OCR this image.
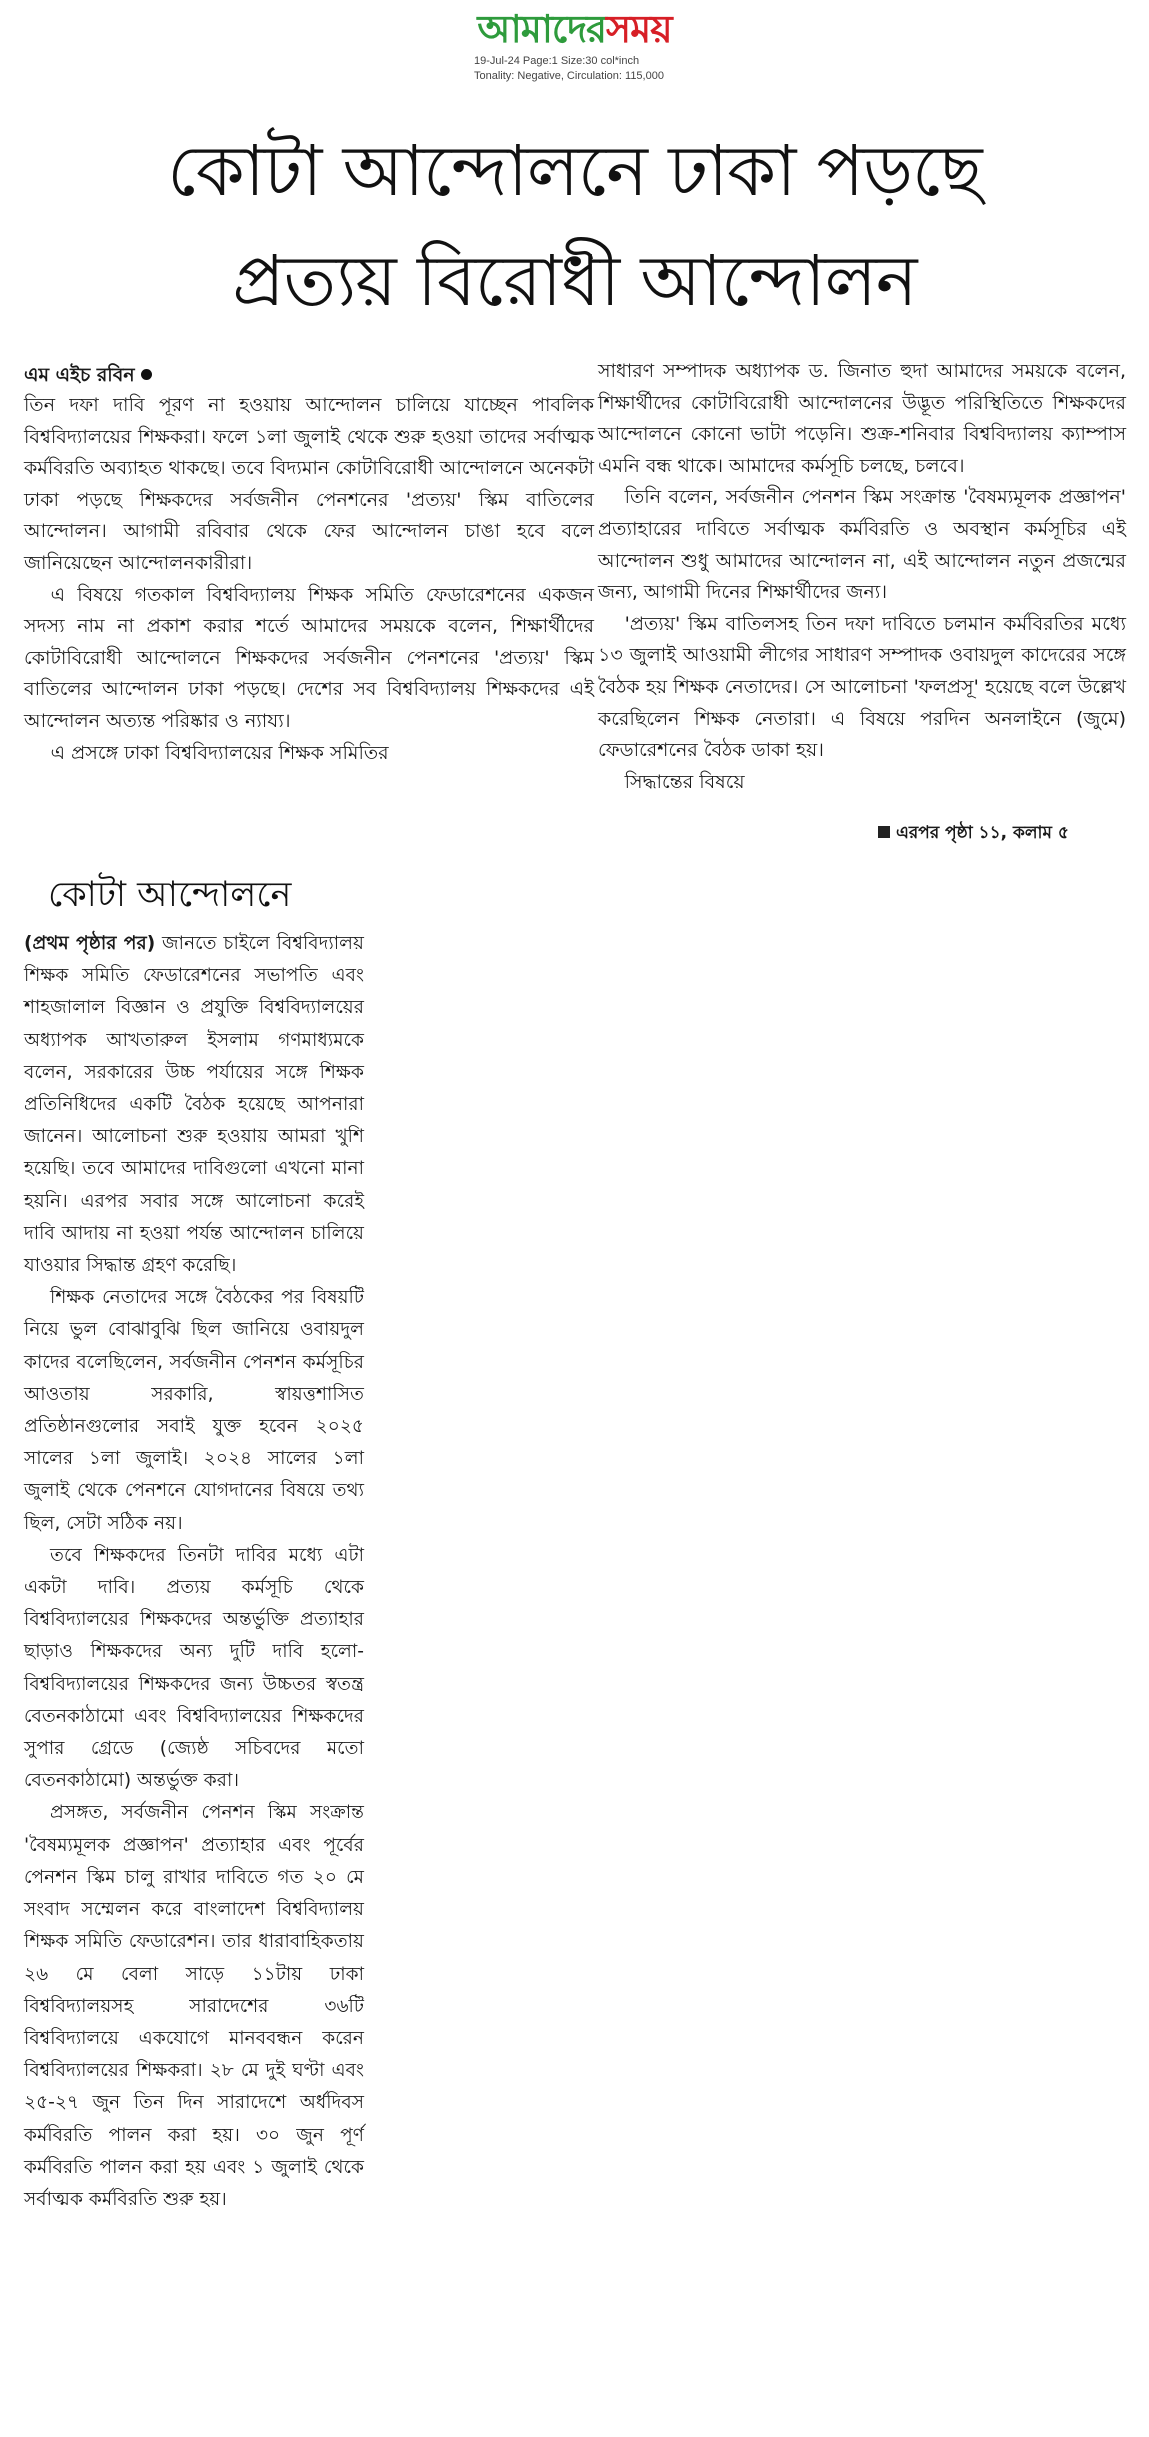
আমাদেরসময়
19-Jul-24 Page:1 Size:30 col*inch
Tonality: Negative, Circulation: 115,000
কোটা আন্দোলনে ঢাকা পড়ছে
প্রত্যয় বিরোধী আন্দোলন
এম এইচ রবিন

তিন দফা দাবি পূরণ না হওয়ায় আন্দোলন চালিয়ে যাচ্ছেন পাবলিক বিশ্ববিদ্যালয়ের শিক্ষকরা। ফলে ১লা জুলাই থেকে শুরু হওয়া তাদের সর্বাত্মক কর্মবিরতি অব্যাহত থাকছে। তবে বিদ্যমান কোটাবিরোধী আন্দোলনে অনেকটা ঢাকা পড়ছে শিক্ষকদের সর্বজনীন পেনশনের 'প্রত্যয়' স্কিম বাতিলের আন্দোলন। আগামী রবিবার থেকে ফের আন্দোলন চাঙা হবে বলে জানিয়েছেন আন্দোলনকারীরা।

এ বিষয়ে গতকাল বিশ্ববিদ্যালয় শিক্ষক সমিতি ফেডারেশনের একজন সদস্য নাম না প্রকাশ করার শর্তে আমাদের সময়কে বলেন, শিক্ষার্থীদের কোটাবিরোধী আন্দোলনে শিক্ষকদের সর্বজনীন পেনশনের 'প্রত্যয়' স্কিম বাতিলের আন্দোলন ঢাকা পড়ছে। দেশের সব বিশ্ববিদ্যালয় শিক্ষকদের এই আন্দোলন অত্যন্ত পরিষ্কার ও ন্যায্য।

এ প্রসঙ্গে ঢাকা বিশ্ববিদ্যালয়ের শিক্ষক সমিতির

সাধারণ সম্পাদক অধ্যাপক ড. জিনাত হুদা আমাদের সময়কে বলেন, শিক্ষার্থীদের কোটাবিরোধী আন্দোলনের উদ্ভূত পরিস্থিতিতে শিক্ষকদের আন্দোলনে কোনো ভাটা পড়েনি। শুক্র-শনিবার বিশ্ববিদ্যালয় ক্যাম্পাস এমনি বন্ধ থাকে। আমাদের কর্মসূচি চলছে, চলবে।

তিনি বলেন, সর্বজনীন পেনশন স্কিম সংক্রান্ত 'বৈষম্যমূলক প্রজ্ঞাপন' প্রত্যাহারের দাবিতে সর্বাত্মক কর্মবিরতি ও অবস্থান কর্মসূচির এই আন্দোলন শুধু আমাদের আন্দোলন না, এই আন্দোলন নতুন প্রজন্মের জন্য, আগামী দিনের শিক্ষার্থীদের জন্য।

'প্রত্যয়' স্কিম বাতিলসহ তিন দফা দাবিতে চলমান কর্মবিরতির মধ্যে ১৩ জুলাই আওয়ামী লীগের সাধারণ সম্পাদক ওবায়দুল কাদেরের সঙ্গে বৈঠক হয় শিক্ষক নেতাদের। সে আলোচনা 'ফলপ্রসূ' হয়েছে বলে উল্লেখ করেছিলেন শিক্ষক নেতারা। এ বিষয়ে পরদিন অনলাইনে (জুমে) ফেডারেশনের বৈঠক ডাকা হয়।

সিদ্ধান্তের বিষয়ে

এরপর পৃষ্ঠা ১১, কলাম ৫
কোটা আন্দোলনে

(প্রথম পৃষ্ঠার পর) জানতে চাইলে বিশ্ববিদ্যালয় শিক্ষক সমিতি ফেডারেশনের সভাপতি এবং শাহজালাল বিজ্ঞান ও প্রযুক্তি বিশ্ববিদ্যালয়ের অধ্যাপক আখতারুল ইসলাম গণমাধ্যমকে বলেন, সরকারের উচ্চ পর্যায়ের সঙ্গে শিক্ষক প্রতিনিধিদের একটি বৈঠক হয়েছে আপনারা জানেন। আলোচনা শুরু হওয়ায় আমরা খুশি হয়েছি। তবে আমাদের দাবিগুলো এখনো মানা হয়নি। এরপর সবার সঙ্গে আলোচনা করেই দাবি আদায় না হওয়া পর্যন্ত আন্দোলন চালিয়ে যাওয়ার সিদ্ধান্ত গ্রহণ করেছি।

শিক্ষক নেতাদের সঙ্গে বৈঠকের পর বিষয়টি নিয়ে ভুল বোঝাবুঝি ছিল জানিয়ে ওবায়দুল কাদের বলেছিলেন, সর্বজনীন পেনশন কর্মসূচির আওতায় সরকারি, স্বায়ত্তশাসিত প্রতিষ্ঠানগুলোর সবাই যুক্ত হবেন ২০২৫ সালের ১লা জুলাই। ২০২৪ সালের ১লা জুলাই থেকে পেনশনে যোগদানের বিষয়ে তথ্য ছিল, সেটা সঠিক নয়।

তবে শিক্ষকদের তিনটা দাবির মধ্যে এটা একটা দাবি। প্রত্যয় কর্মসূচি থেকে বিশ্ববিদ্যালয়ের শিক্ষকদের অন্তর্ভুক্তি প্রত্যাহার ছাড়াও শিক্ষকদের অন্য দুটি দাবি হলো- বিশ্ববিদ্যালয়ের শিক্ষকদের জন্য উচ্চতর স্বতন্ত্র বেতনকাঠামো এবং বিশ্ববিদ্যালয়ের শিক্ষকদের সুপার গ্রেডে (জ্যেষ্ঠ সচিবদের মতো বেতনকাঠামো) অন্তর্ভুক্ত করা।

প্রসঙ্গত, সর্বজনীন পেনশন স্কিম সংক্রান্ত 'বৈষম্যমূলক প্রজ্ঞাপন' প্রত্যাহার এবং পূর্বের পেনশন স্কিম চালু রাখার দাবিতে গত ২০ মে সংবাদ সম্মেলন করে বাংলাদেশ বিশ্ববিদ্যালয় শিক্ষক সমিতি ফেডারেশন। তার ধারাবাহিকতায় ২৬ মে বেলা সাড়ে ১১টায় ঢাকা বিশ্ববিদ্যালয়সহ সারাদেশের ৩৬টি বিশ্ববিদ্যালয়ে একযোগে মানববন্ধন করেন বিশ্ববিদ্যালয়ের শিক্ষকরা। ২৮ মে দুই ঘণ্টা এবং ২৫-২৭ জুন তিন দিন সারাদেশে অর্ধদিবস কর্মবিরতি পালন করা হয়। ৩০ জুন পূর্ণ কর্মবিরতি পালন করা হয় এবং ১ জুলাই থেকে সর্বাত্মক কর্মবিরতি শুরু হয়।
